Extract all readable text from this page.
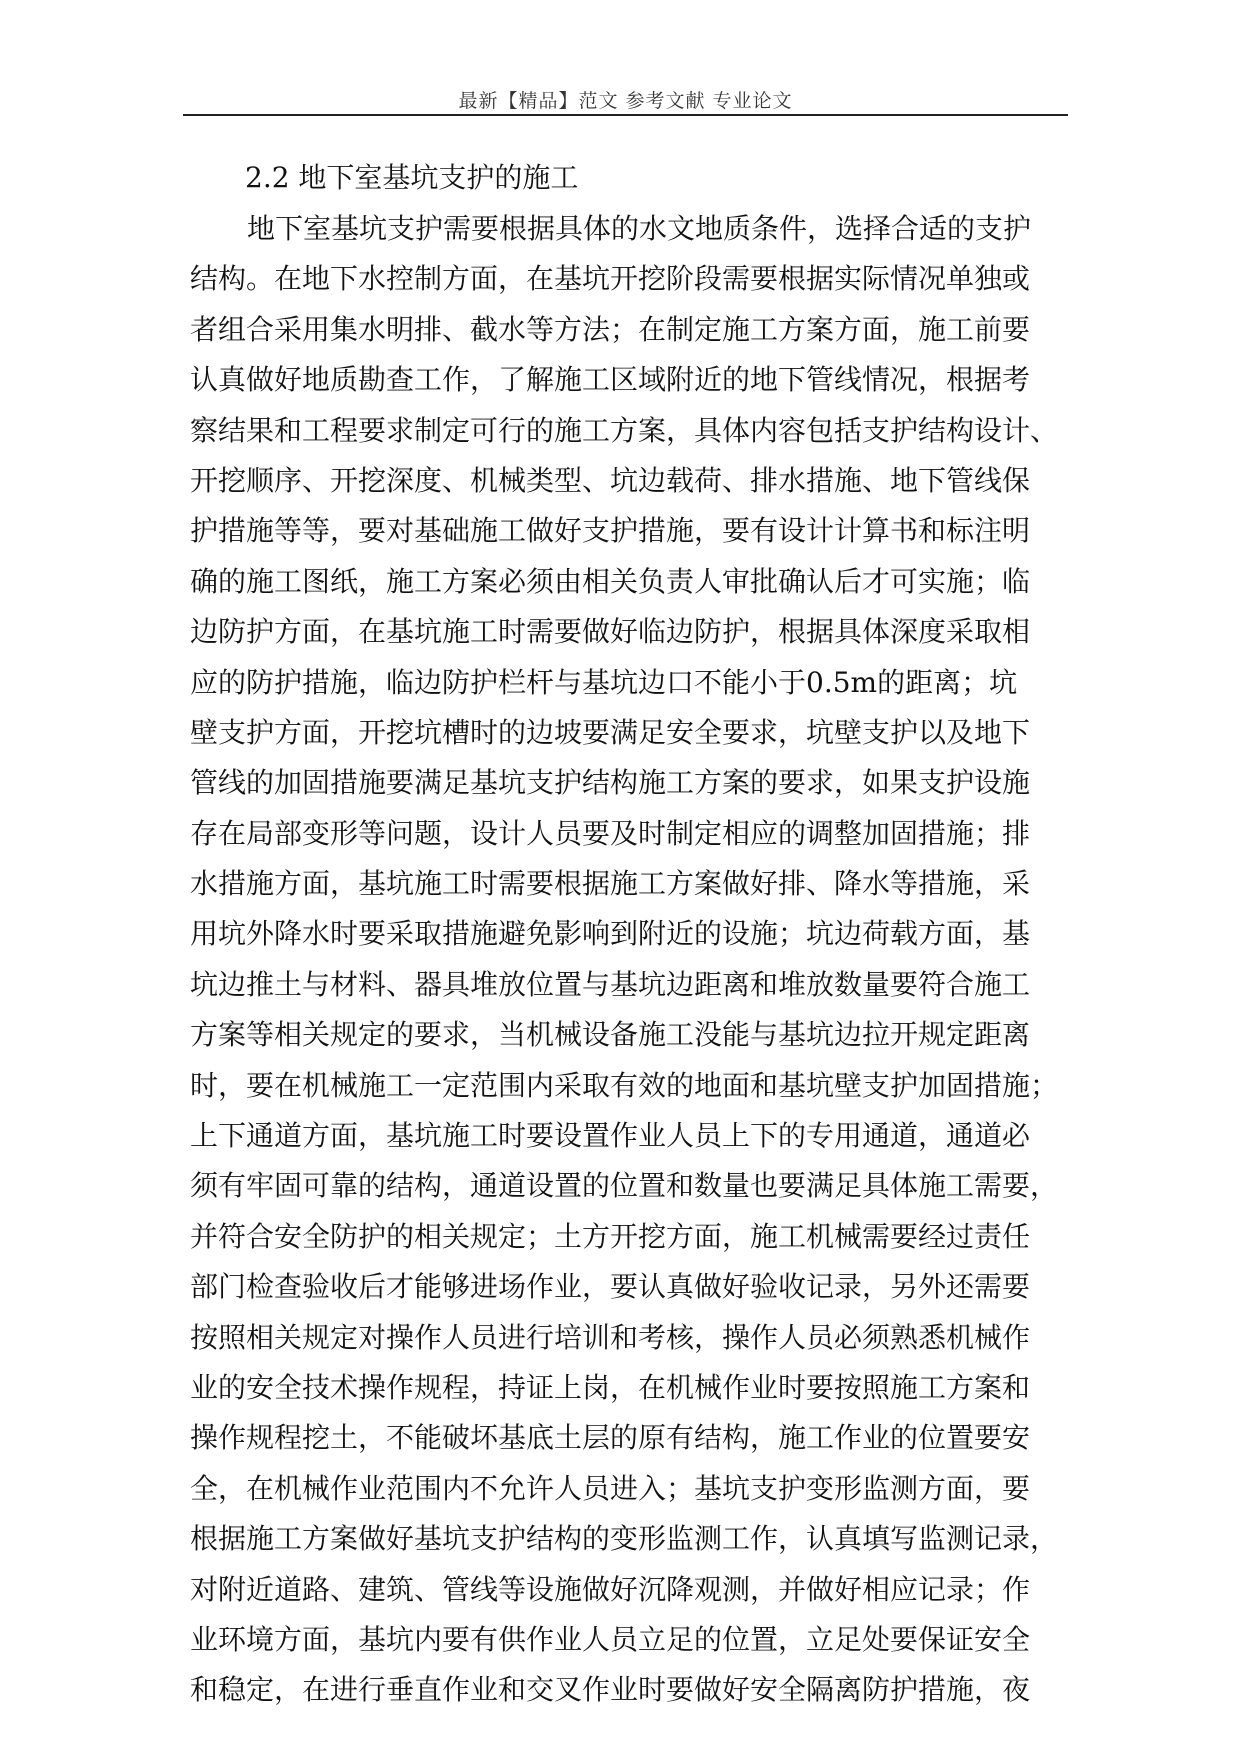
最新【精品】范文 参考文献 专业论文
2.2 地下室基坑支护的施工
地下室基坑支护需要根据具体的水文地质条件，选择合适的支护
结构。在地下水控制方面，在基坑开挖阶段需要根据实际情况单独或
者组合采用集水明排、截水等方法；在制定施工方案方面，施工前要
认真做好地质勘查工作，了解施工区域附近的地下管线情况，根据考
察结果和工程要求制定可行的施工方案，具体内容包括支护结构设计、
开挖顺序、开挖深度、机械类型、坑边载荷、排水措施、地下管线保
护措施等等，要对基础施工做好支护措施，要有设计计算书和标注明
确的施工图纸，施工方案必须由相关负责人审批确认后才可实施；临
边防护方面，在基坑施工时需要做好临边防护，根据具体深度采取相
应的防护措施，临边防护栏杆与基坑边口不能小于0.5m的距离；坑
壁支护方面，开挖坑槽时的边坡要满足安全要求，坑壁支护以及地下
管线的加固措施要满足基坑支护结构施工方案的要求，如果支护设施
存在局部变形等问题，设计人员要及时制定相应的调整加固措施；排
水措施方面，基坑施工时需要根据施工方案做好排、降水等措施，采
用坑外降水时要采取措施避免影响到附近的设施；坑边荷载方面，基
坑边推土与材料、器具堆放位置与基坑边距离和堆放数量要符合施工
方案等相关规定的要求，当机械设备施工没能与基坑边拉开规定距离
时，要在机械施工一定范围内采取有效的地面和基坑壁支护加固措施；
上下通道方面，基坑施工时要设置作业人员上下的专用通道，通道必
须有牢固可靠的结构，通道设置的位置和数量也要满足具体施工需要，
并符合安全防护的相关规定；土方开挖方面，施工机械需要经过责任
部门检查验收后才能够进场作业，要认真做好验收记录，另外还需要
按照相关规定对操作人员进行培训和考核，操作人员必须熟悉机械作
业的安全技术操作规程，持证上岗，在机械作业时要按照施工方案和
操作规程挖土，不能破坏基底土层的原有结构，施工作业的位置要安
全，在机械作业范围内不允许人员进入；基坑支护变形监测方面，要
根据施工方案做好基坑支护结构的变形监测工作，认真填写监测记录，
对附近道路、建筑、管线等设施做好沉降观测，并做好相应记录；作
业环境方面，基坑内要有供作业人员立足的位置，立足处要保证安全
和稳定，在进行垂直作业和交叉作业时要做好安全隔离防护措施，夜
